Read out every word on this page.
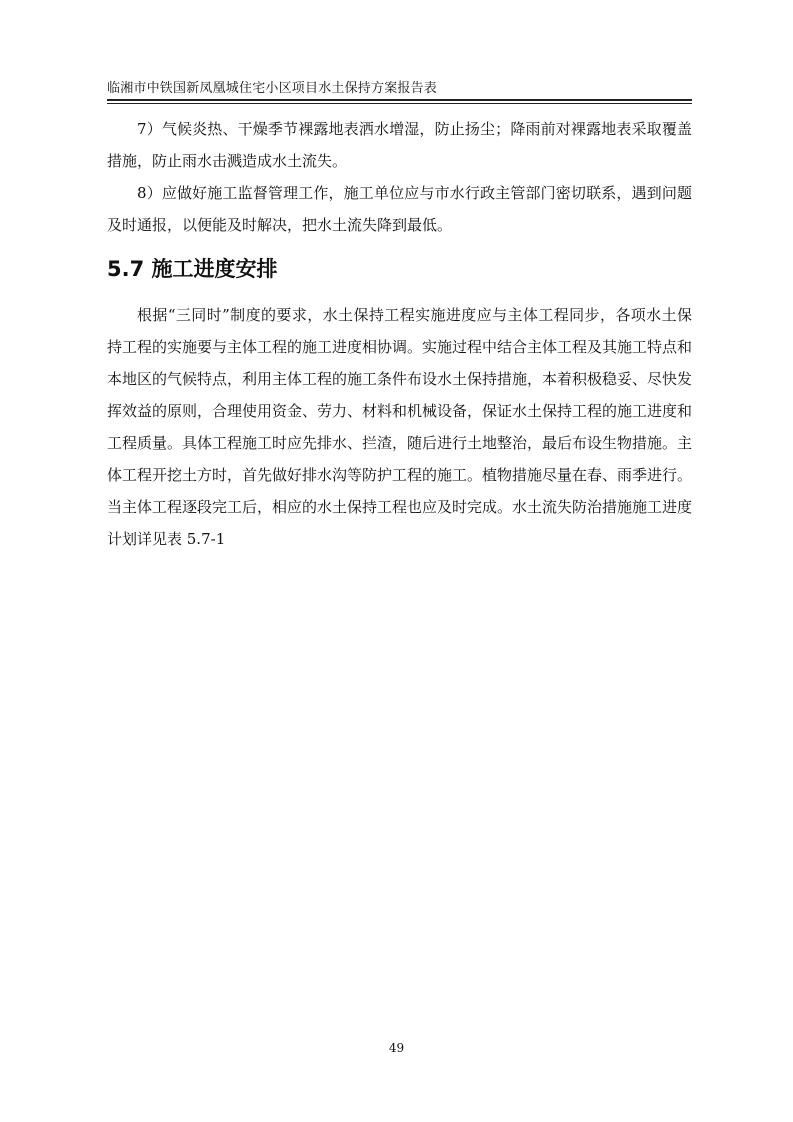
临湘市中铁国新凤凰城住宅小区项目水土保持方案报告表

7）气候炎热、干燥季节裸露地表洒水增湿，防止扬尘；降雨前对裸露地表采取覆盖措施，防止雨水击溅造成水土流失。

8）应做好施工监督管理工作，施工单位应与市水行政主管部门密切联系，遇到问题及时通报，以便能及时解决，把水土流失降到最低。

5.7 施工进度安排

根据“三同时”制度的要求，水土保持工程实施进度应与主体工程同步，各项水土保持工程的实施要与主体工程的施工进度相协调。实施过程中结合主体工程及其施工特点和本地区的气候特点，利用主体工程的施工条件布设水土保持措施，本着积极稳妥、尽快发挥效益的原则，合理使用资金、劳力、材料和机械设备，保证水土保持工程的施工进度和工程质量。具体工程施工时应先排水、拦渣，随后进行土地整治，最后布设生物措施。主体工程开挖土方时，首先做好排水沟等防护工程的施工。植物措施尽量在春、雨季进行。当主体工程逐段完工后，相应的水土保持工程也应及时完成。水土流失防治措施施工进度计划详见表 5.7-1

49
